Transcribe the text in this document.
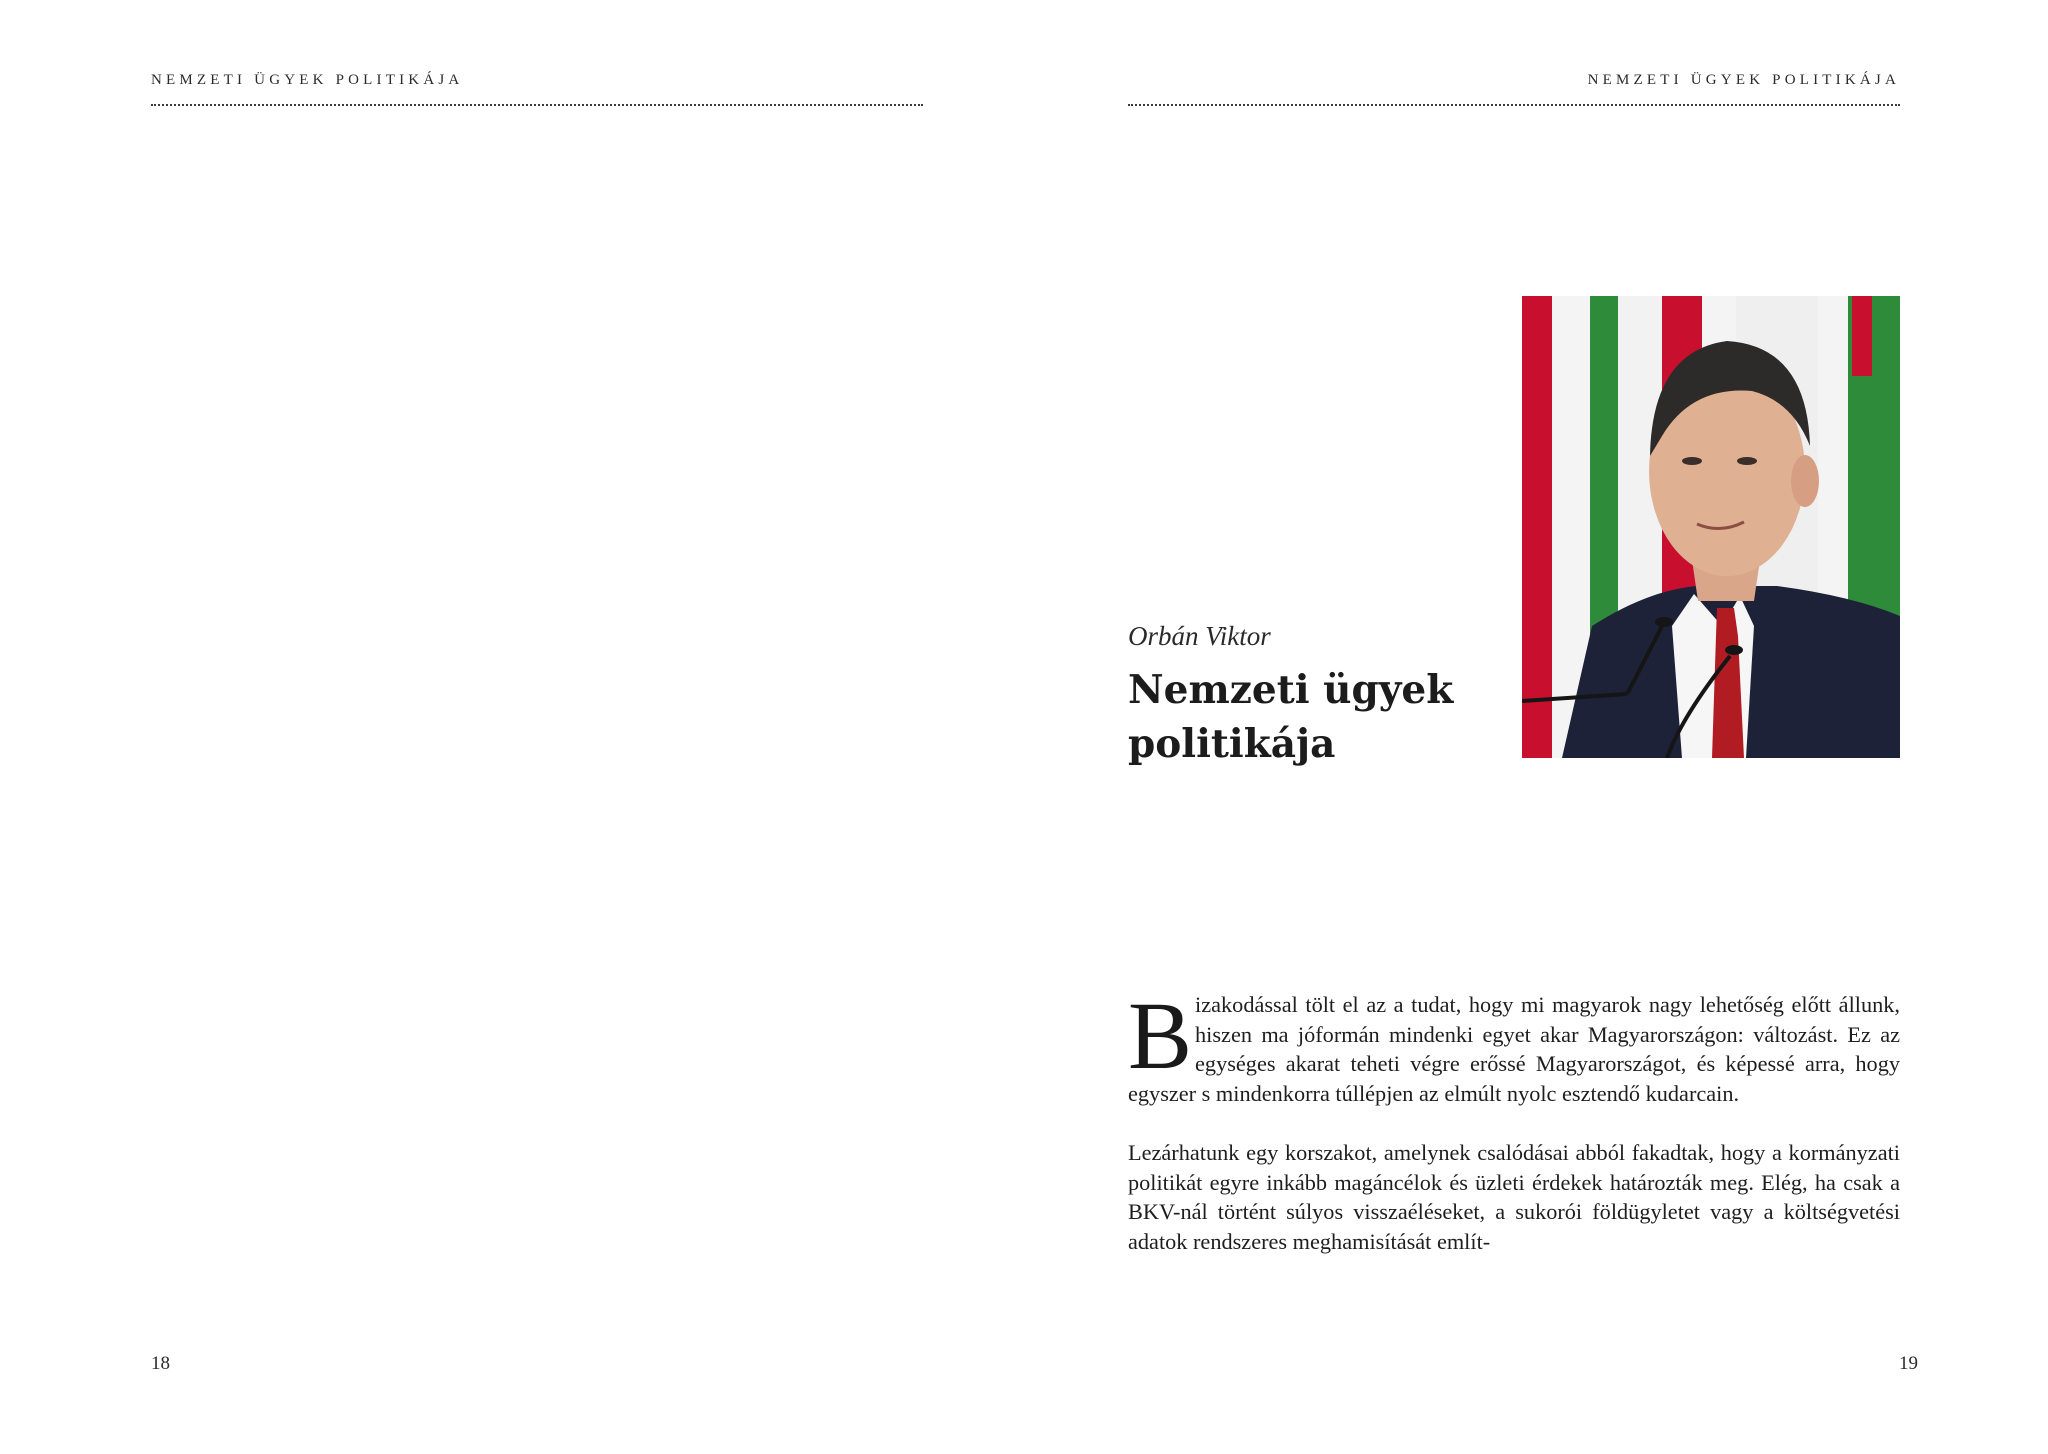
NEMZETI ÜGYEK POLITIKÁJA
18
NEMZETI ÜGYEK POLITIKÁJA
Orbán Viktor
Nemzeti ügyek politikája

Bizakodással tölt el az a tudat, hogy mi magyarok nagy lehetőség előtt állunk, hiszen ma jóformán mindenki egyet akar Magyarországon: változást. Ez az egységes akarat teheti végre erőssé Magyarországot, és képessé arra, hogy egyszer s mindenkorra túllépjen az elmúlt nyolc esztendő kudarcain.

Lezárhatunk egy korszakot, amelynek csalódásai abból fakadtak, hogy a kormányzati politikát egyre inkább magáncélok és üzleti érdekek határozták meg. Elég, ha csak a BKV-nál történt súlyos visszaéléseket, a sukorói földügyletet vagy a költségvetési adatok rendszeres meghamisítását említ-

19
